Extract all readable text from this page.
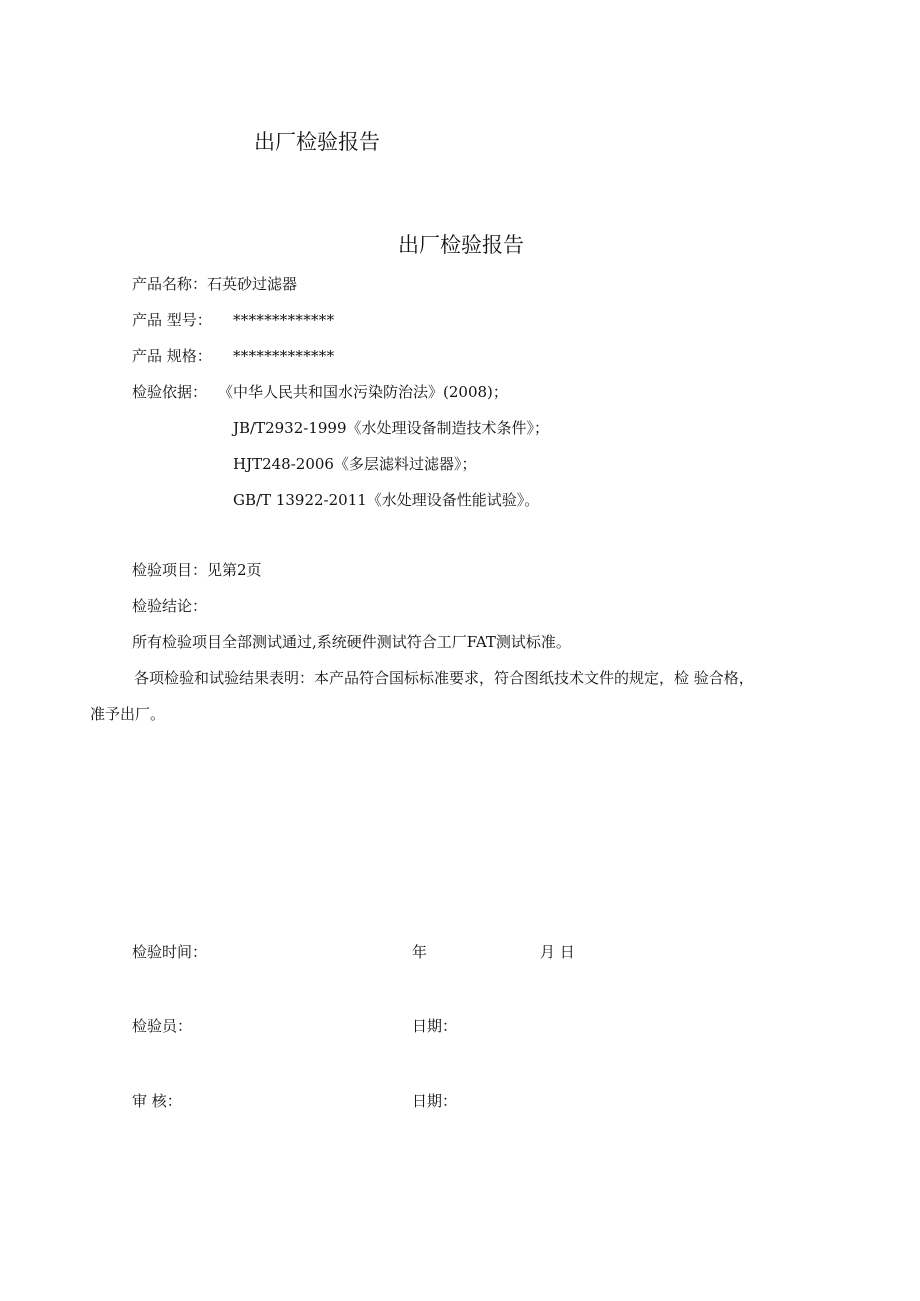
出厂检验报告
出厂检验报告
产品名称：石英砂过滤器
产品 型号： *************
产品 规格： *************
检验依据： 《中华人民共和国水污染防治法》(2008)；
JB/T2932-1999《水处理设备制造技术条件》；
HJT248-2006《多层滤料过滤器》；
GB/T 13922-2011《水处理设备性能试验》。
检验项目：见第2页
检验结论：
所有检验项目全部测试通过,系统硬件测试符合工厂FAT测试标准。
各项检验和试验结果表明：本产品符合国标标准要求，符合图纸技术文件的规定，检 验合格，
准予出厂。
检验时间：	年	月 日
检验员：	日期：
审 核：	日期：
